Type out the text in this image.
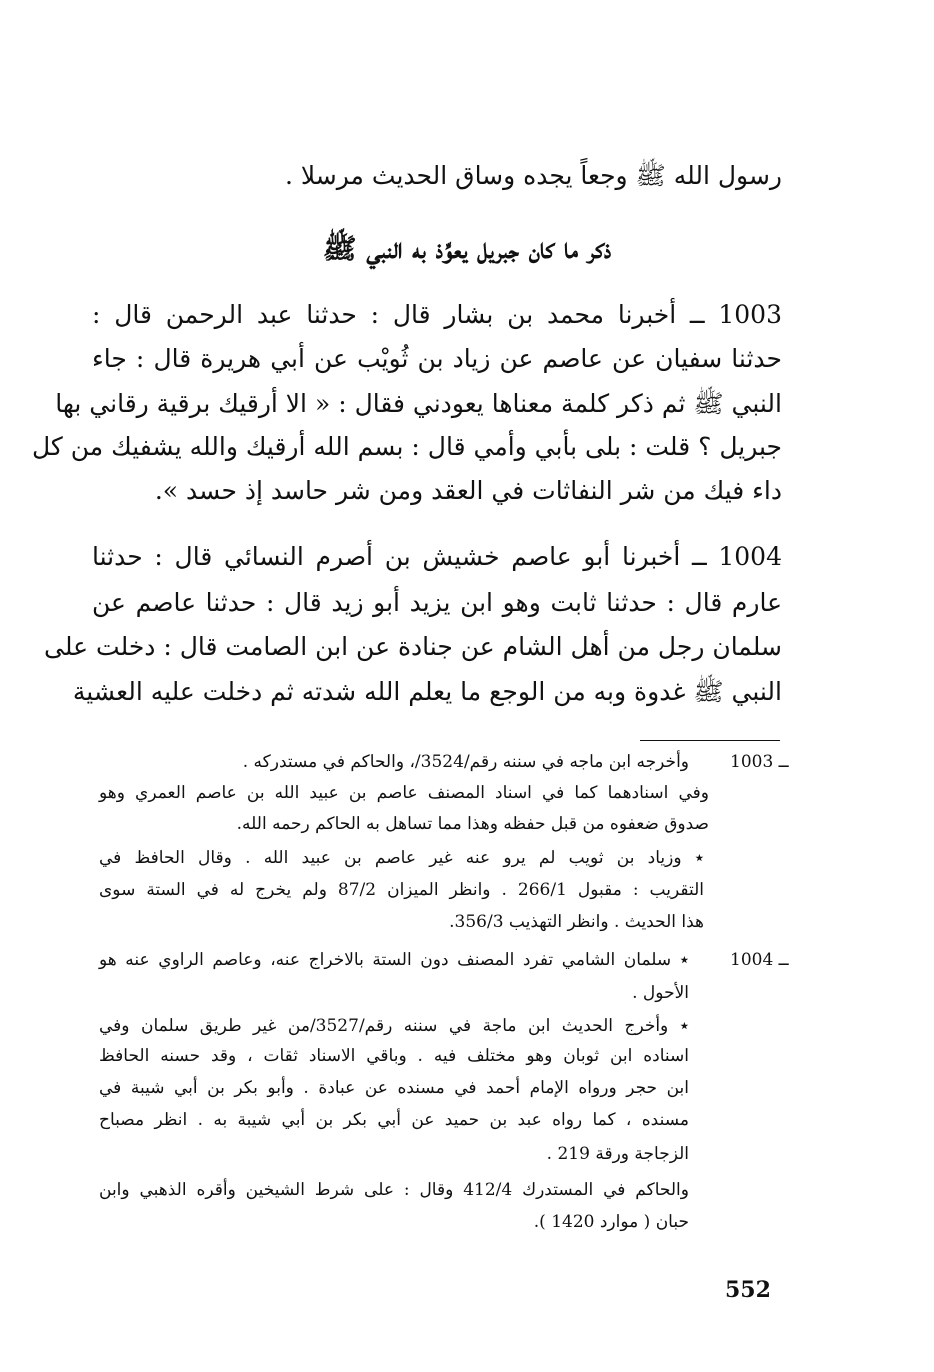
رسول الله ﷺ وجعاً يجده وساق الحديث مرسلا .
ذكر ما كان جبريل يعوِّذ به النبي ﷺ
1003 ــ أخبرنا محمد بن بشار قال : حدثنا عبد الرحمن قال :
حدثنا سفيان عن عاصم عن زياد بن ثُويْب عن أبي هريرة قال : جاء
النبي ﷺ ثم ذكر كلمة معناها يعودني فقال : « الا أرقيك برقية رقاني بها
جبريل ؟ قلت : بلى بأبي وأمي قال : بسم الله أرقيك والله يشفيك من كل
داء فيك من شر النفاثات في العقد ومن شر حاسد إذ حسد ».
1004 ــ أخبرنا أبو عاصم خشيش بن أصرم النسائي قال : حدثنا
عارم قال : حدثنا ثابت وهو ابن يزيد أبو زيد قال : حدثنا عاصم عن
سلمان رجل من أهل الشام عن جنادة عن ابن الصامت قال : دخلت على
النبي ﷺ غدوة وبه من الوجع ما يعلم الله شدته ثم دخلت عليه العشية
1003 ــ
وأخرجه ابن ماجه في سننه رقم/3524/، والحاكم في مستدركه .
وفي اسنادهما كما في اسناد المصنف عاصم بن عبيد الله بن عاصم العمري وهو
صدوق ضعفوه من قبل حفظه وهذا مما تساهل به الحاكم رحمه الله.
٭ وزياد بن ثويب لم يرو عنه غير عاصم بن عبيد الله . وقال الحافظ في
التقريب : مقبول 266/1 . وانظر الميزان 87/2 ولم يخرج له في الستة سوى
هذا الحديث . وانظر التهذيب 356/3.
1004 ــ
٭ سلمان الشامي تفرد المصنف دون الستة بالاخراج عنه، وعاصم الراوي عنه هو
الأحول .
٭ وأخرج الحديث ابن ماجة في سننه رقم/3527/من غير طريق سلمان وفي
اسناده ابن ثوبان وهو مختلف فيه . وباقي الاسناد ثقات ، وقد حسنه الحافظ
ابن حجر ورواه الإمام أحمد في مسنده عن عبادة . وأبو بكر بن أبي شيبة في
مسنده ، كما رواه عبد بن حميد عن أبي بكر بن أبي شيبة به . انظر مصباح
الزجاجة ورقة 219 .
والحاكم في المستدرك 412/4 وقال : على شرط الشيخين وأقره الذهبي وابن
حبان ( موارد 1420 ).
552
